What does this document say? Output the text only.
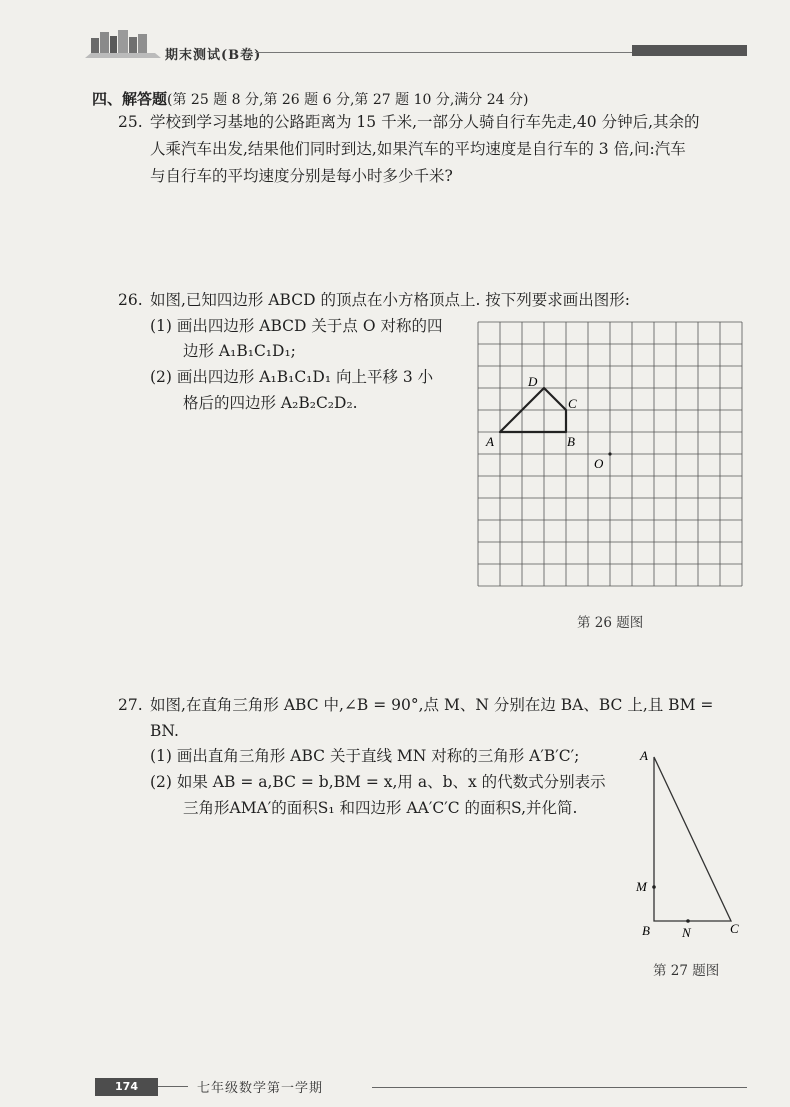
期末测试(B卷)
四、解答题(第 25 题 8 分,第 26 题 6 分,第 27 题 10 分,满分 24 分)
25. 学校到学习基地的公路距离为 15 千米,一部分人骑自行车先走,40 分钟后,其余的
人乘汽车出发,结果他们同时到达,如果汽车的平均速度是自行车的 3 倍,问:汽车
与自行车的平均速度分别是每小时多少千米?
26. 如图,已知四边形 ABCD 的顶点在小方格顶点上. 按下列要求画出图形:
(1) 画出四边形 ABCD 关于点 O 对称的四
边形 A₁B₁C₁D₁;
(2) 画出四边形 A₁B₁C₁D₁ 向上平移 3 小
格后的四边形 A₂B₂C₂D₂.
A	B
C
D
O
第 26 题图
27. 如图,在直角三角形 ABC 中,∠B = 90°,点 M、N 分别在边 BA、BC 上,且 BM =
BN.
(1) 画出直角三角形 ABC 关于直线 MN 对称的三角形 A′B′C′;
(2) 如果 AB = a,BC = b,BM = x,用 a、b、x 的代数式分别表示
三角形AMA′的面积S₁ 和四边形 AA′C′C 的面积S,并化简.
A
M
B N	C
第 27 题图
174	七年级数学第一学期
